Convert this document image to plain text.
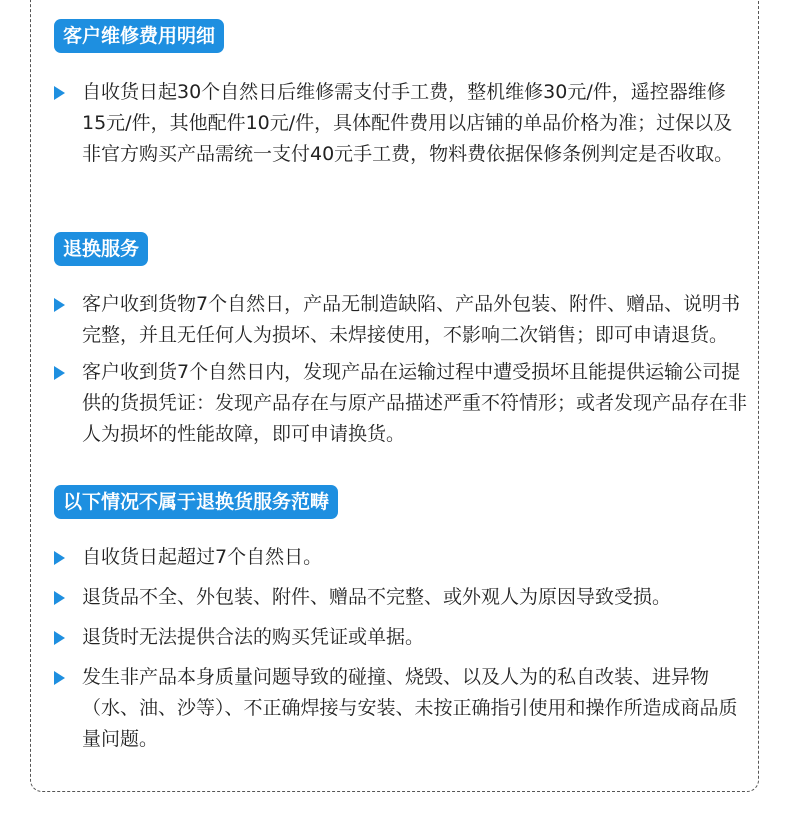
客户维修费用明细
自收货日起30个自然日后维修需支付手工费，整机维修30元/件，遥控器维修15元/件，其他配件10元/件，具体配件费用以店铺的单品价格为准；过保以及非官方购买产品需统一支付40元手工费，物料费依据保修条例判定是否收取。
退换服务
客户收到货物7个自然日，产品无制造缺陷、产品外包装、附件、赠品、说明书完整，并且无任何人为损坏、未焊接使用，不影响二次销售；即可申请退货。
客户收到货7个自然日内，发现产品在运输过程中遭受损坏且能提供运输公司提供的货损凭证：发现产品存在与原产品描述严重不符情形；或者发现产品存在非人为损坏的性能故障，即可申请换货。
以下情况不属于退换货服务范畴
自收货日起超过7个自然日。
退货品不全、外包装、附件、赠品不完整、或外观人为原因导致受损。
退货时无法提供合法的购买凭证或单据。
发生非产品本身质量问题导致的碰撞、烧毁、以及人为的私自改装、进异物（水、油、沙等）、不正确焊接与安装、未按正确指引使用和操作所造成商品质量问题。
